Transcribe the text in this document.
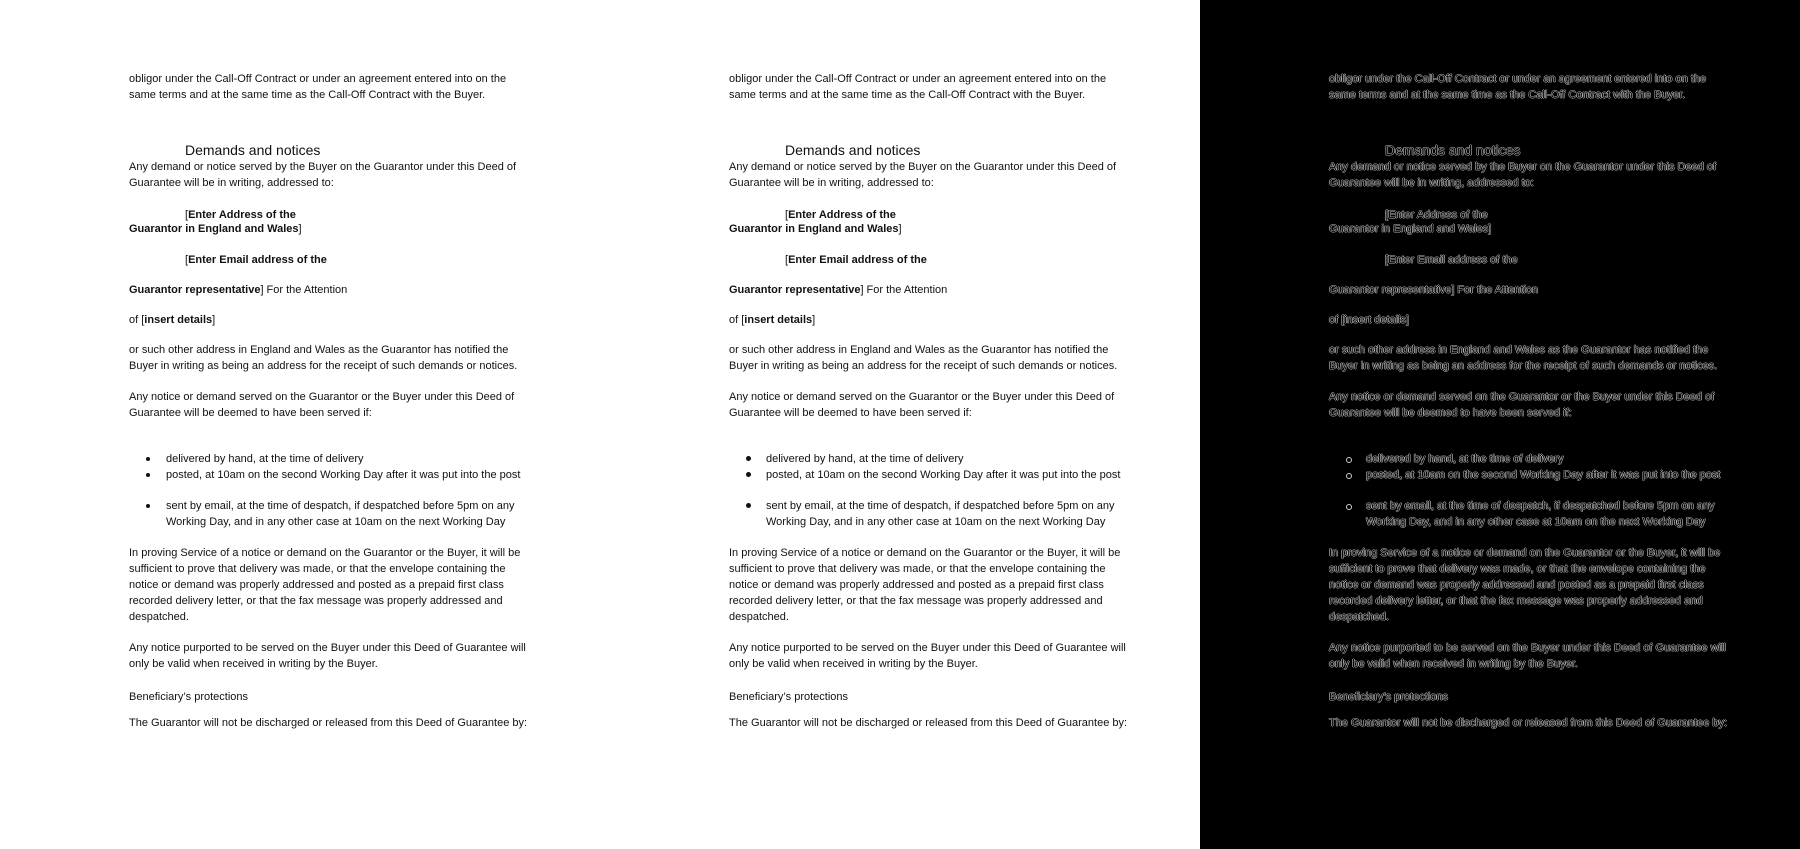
obligor under the Call-Off Contract or under an agreement entered into on the

same terms and at the same time as the Call-Off Contract with the Buyer.

Demands and notices

Any demand or notice served by the Buyer on the Guarantor under this Deed of

Guarantee will be in writing, addressed to:

[Enter Address of the

Guarantor in England and Wales]

[Enter Email address of the

Guarantor representative] For the Attention

of [insert details]

or such other address in England and Wales as the Guarantor has notified the

Buyer in writing as being an address for the receipt of such demands or notices.

Any notice or demand served on the Guarantor or the Buyer under this Deed of

Guarantee will be deemed to have been served if:

delivered by hand, at the time of delivery
posted, at 10am on the second Working Day after it was put into the post
sent by email, at the time of despatch, if despatched before 5pm on any
Working Day, and in any other case at 10am on the next Working Day

In proving Service of a notice or demand on the Guarantor or the Buyer, it will be

sufficient to prove that delivery was made, or that the envelope containing the

notice or demand was properly addressed and posted as a prepaid first class

recorded delivery letter, or that the fax message was properly addressed and

despatched.

Any notice purported to be served on the Buyer under this Deed of Guarantee will

only be valid when received in writing by the Buyer.

Beneficiary’s protections

The Guarantor will not be discharged or released from this Deed of Guarantee by:

obligor under the Call-Off Contract or under an agreement entered into on the

same terms and at the same time as the Call-Off Contract with the Buyer.

Demands and notices

Any demand or notice served by the Buyer on the Guarantor under this Deed of

Guarantee will be in writing, addressed to:

[Enter Address of the

Guarantor in England and Wales]

[Enter Email address of the

Guarantor representative] For the Attention

of [insert details]

or such other address in England and Wales as the Guarantor has notified the

Buyer in writing as being an address for the receipt of such demands or notices.

Any notice or demand served on the Guarantor or the Buyer under this Deed of

Guarantee will be deemed to have been served if:

delivered by hand, at the time of delivery
posted, at 10am on the second Working Day after it was put into the post
sent by email, at the time of despatch, if despatched before 5pm on any
Working Day, and in any other case at 10am on the next Working Day

In proving Service of a notice or demand on the Guarantor or the Buyer, it will be

sufficient to prove that delivery was made, or that the envelope containing the

notice or demand was properly addressed and posted as a prepaid first class

recorded delivery letter, or that the fax message was properly addressed and

despatched.

Any notice purported to be served on the Buyer under this Deed of Guarantee will

only be valid when received in writing by the Buyer.

Beneficiary’s protections

The Guarantor will not be discharged or released from this Deed of Guarantee by:

obligor under the Call-Off Contract or under an agreement entered into on the

same terms and at the same time as the Call-Off Contract with the Buyer.

Demands and notices

Any demand or notice served by the Buyer on the Guarantor under this Deed of

Guarantee will be in writing, addressed to:

[Enter Address of the

Guarantor in England and Wales]

[Enter Email address of the

Guarantor representative] For the Attention

of [insert details]

or such other address in England and Wales as the Guarantor has notified the

Buyer in writing as being an address for the receipt of such demands or notices.

Any notice or demand served on the Guarantor or the Buyer under this Deed of

Guarantee will be deemed to have been served if:

delivered by hand, at the time of delivery
posted, at 10am on the second Working Day after it was put into the post
sent by email, at the time of despatch, if despatched before 5pm on any
Working Day, and in any other case at 10am on the next Working Day

In proving Service of a notice or demand on the Guarantor or the Buyer, it will be

sufficient to prove that delivery was made, or that the envelope containing the

notice or demand was properly addressed and posted as a prepaid first class

recorded delivery letter, or that the fax message was properly addressed and

despatched.

Any notice purported to be served on the Buyer under this Deed of Guarantee will

only be valid when received in writing by the Buyer.

Beneficiary’s protections

The Guarantor will not be discharged or released from this Deed of Guarantee by:
